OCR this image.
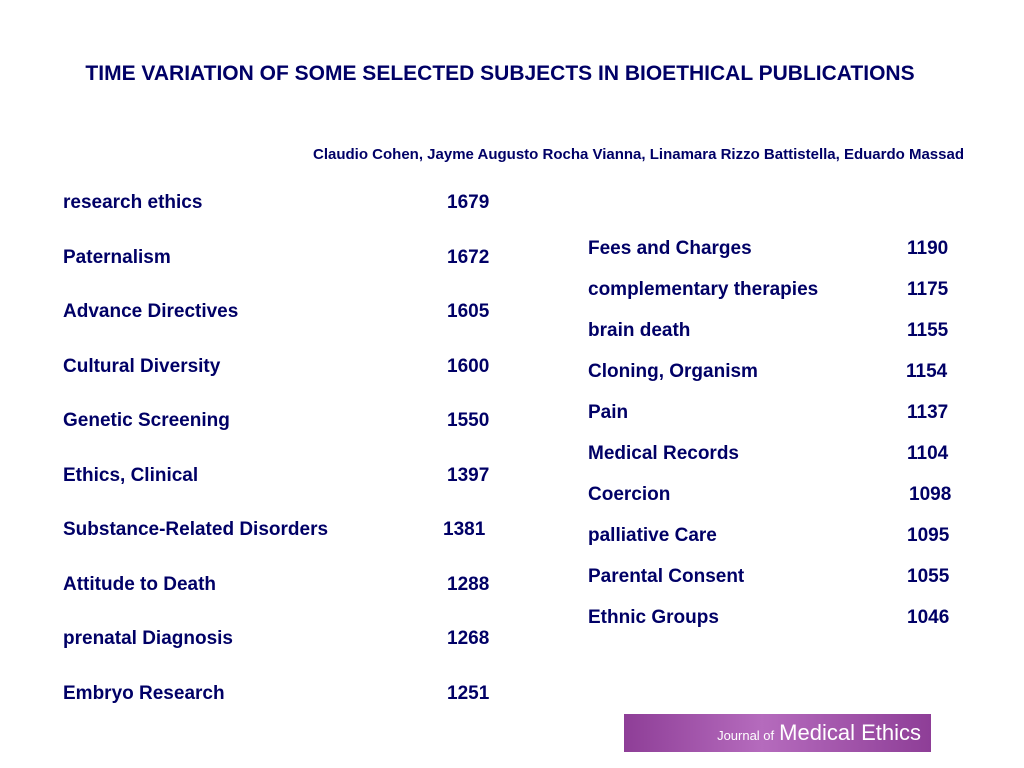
TIME VARIATION OF SOME SELECTED SUBJECTS IN BIOETHICAL PUBLICATIONS
Claudio Cohen, Jayme Augusto Rocha Vianna, Linamara Rizzo Battistella, Eduardo Massad
research ethics	1679
Paternalism	1672
Advance Directives	1605
Cultural Diversity	1600
Genetic Screening	1550
Ethics, Clinical	1397
Substance-Related Disorders	1381
Attitude to Death	1288
prenatal Diagnosis	1268
Embryo Research	1251
Fees and Charges	1190
complementary therapies	1175
brain death	1155
Cloning, Organism	1154
Pain	1137
Medical Records	1104
Coercion	1098
palliative Care	1095
Parental Consent	1055
Ethnic Groups	1046
Journal of Medical Ethics
